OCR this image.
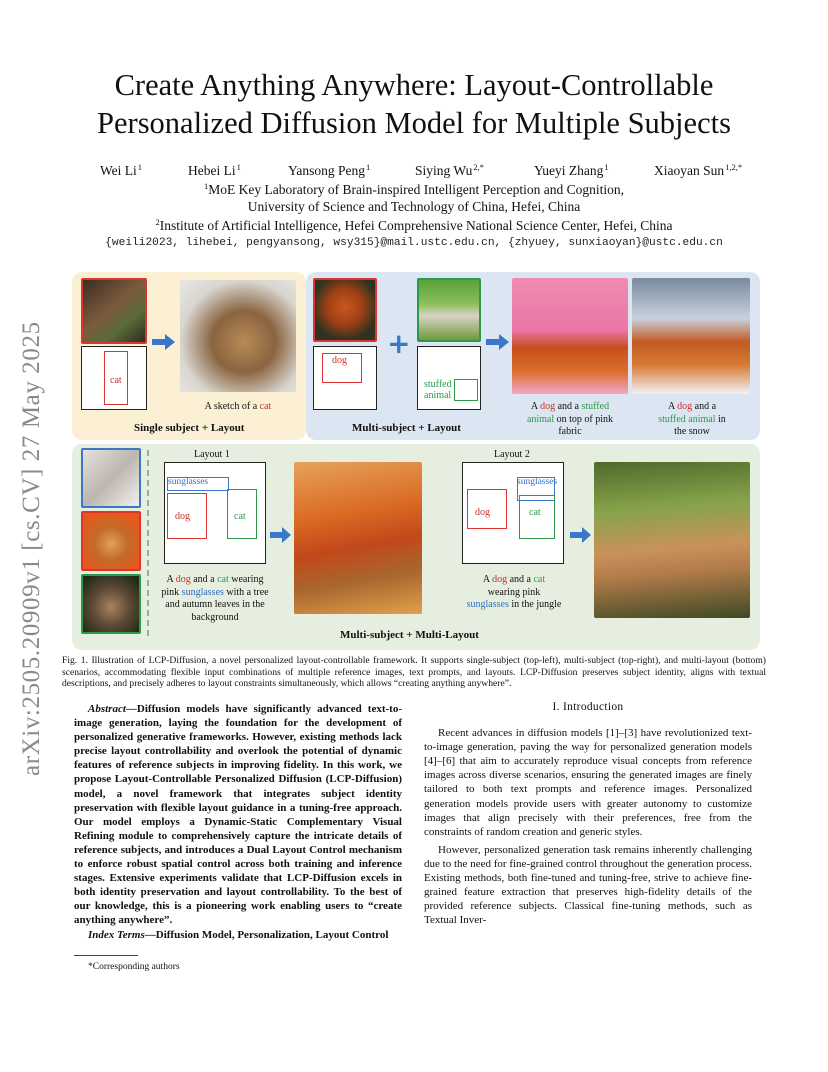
arXiv:2505.20909v1 [cs.CV] 27 May 2025
Create Anything Anywhere: Layout-Controllable
Personalized Diffusion Model for Multiple Subjects
Wei Li$^1$	Hebei Li$^1$	Yansong Peng$^1$	Siying $Wu^{2,*}$	Yueyi Zhang$^1$	Xiaoyan Sun$^{1,2,*}$
$^1$MoE Key Laboratory of Brain-inspired Intelligent Perception and Cognition,
University of Science and Technology of China, Hefei, China
$^2$Institute of Artificial Intelligence, Hefei Comprehensive National Science Center, Hefei, China
{weili2023, lihebei, pengyansong, wsy315}@mail.ustc.edu.cn, {zhyuey, sunxiaoyan}@ustc.edu.cn
cat
A sketch of a cat
Single subject + Layout
dog
+
stuffed
animal
A dog and a stuffed
animal on top of pink
fabric
A dog and a
stuffed animal in
the snow
Multi-subject + Layout
Layout 1
sunglasses
dog	cat
A dog and a cat wearing
pink sunglasses with a tree
and autumn leaves in the
background
Layout 2
sunglasses
dog	cat
A dog and a cat
wearing pink
sunglasses in the jungle
Multi-subject + Multi-Layout
Fig. 1. Illustration of LCP-Diffusion, a novel personalized layout-controllable framework. It supports single-subject (top-left), multi-subject (top-right), and multi-layout (bottom) scenarios, accommodating flexible input combinations of multiple reference images, text prompts, and layouts. LCP-Diffusion preserves subject identity, aligns with textual descriptions, and precisely adheres to layout constraints simultaneously, which allows “creating anything anywhere”.

Abstract—Diffusion models have significantly advanced text-to-image generation, laying the foundation for the development of personalized generative frameworks. However, existing methods lack precise layout controllability and overlook the potential of dynamic features of reference subjects in improving fidelity. In this work, we propose Layout-Controllable Personalized Diffusion (LCP-Diffusion) model, a novel framework that integrates subject identity preservation with flexible layout guidance in a tuning-free approach. Our model employs a Dynamic-Static Complementary Visual Refining module to comprehensively capture the intricate details of reference subjects, and introduces a Dual Layout Control mechanism to enforce robust spatial control across both training and inference stages. Extensive experiments validate that LCP-Diffusion excels in both identity preservation and layout controllability. To the best of our knowledge, this is a pioneering work enabling users to “create anything anywhere”.

Index Terms—Diffusion Model, Personalization, Layout Control

*Corresponding authors

I. Introduction

Recent advances in diffusion models [1]–[3] have revolutionized text-to-image generation, paving the way for personalized generation models [4]–[6] that aim to accurately reproduce visual concepts from reference images across diverse scenarios, ensuring the generated images are finely tailored to both text prompts and reference images. Personalized generation models provide users with greater autonomy to customize images that align precisely with their preferences, free from the constraints of random creation and generic styles.

However, personalized generation task remains inherently challenging due to the need for fine-grained control throughout the generation process. Existing methods, both fine-tuned and tuning-free, strive to achieve fine-grained feature extraction that preserves high-fidelity details of the provided reference subjects. Classical fine-tuning methods, such as Textual Inver-
